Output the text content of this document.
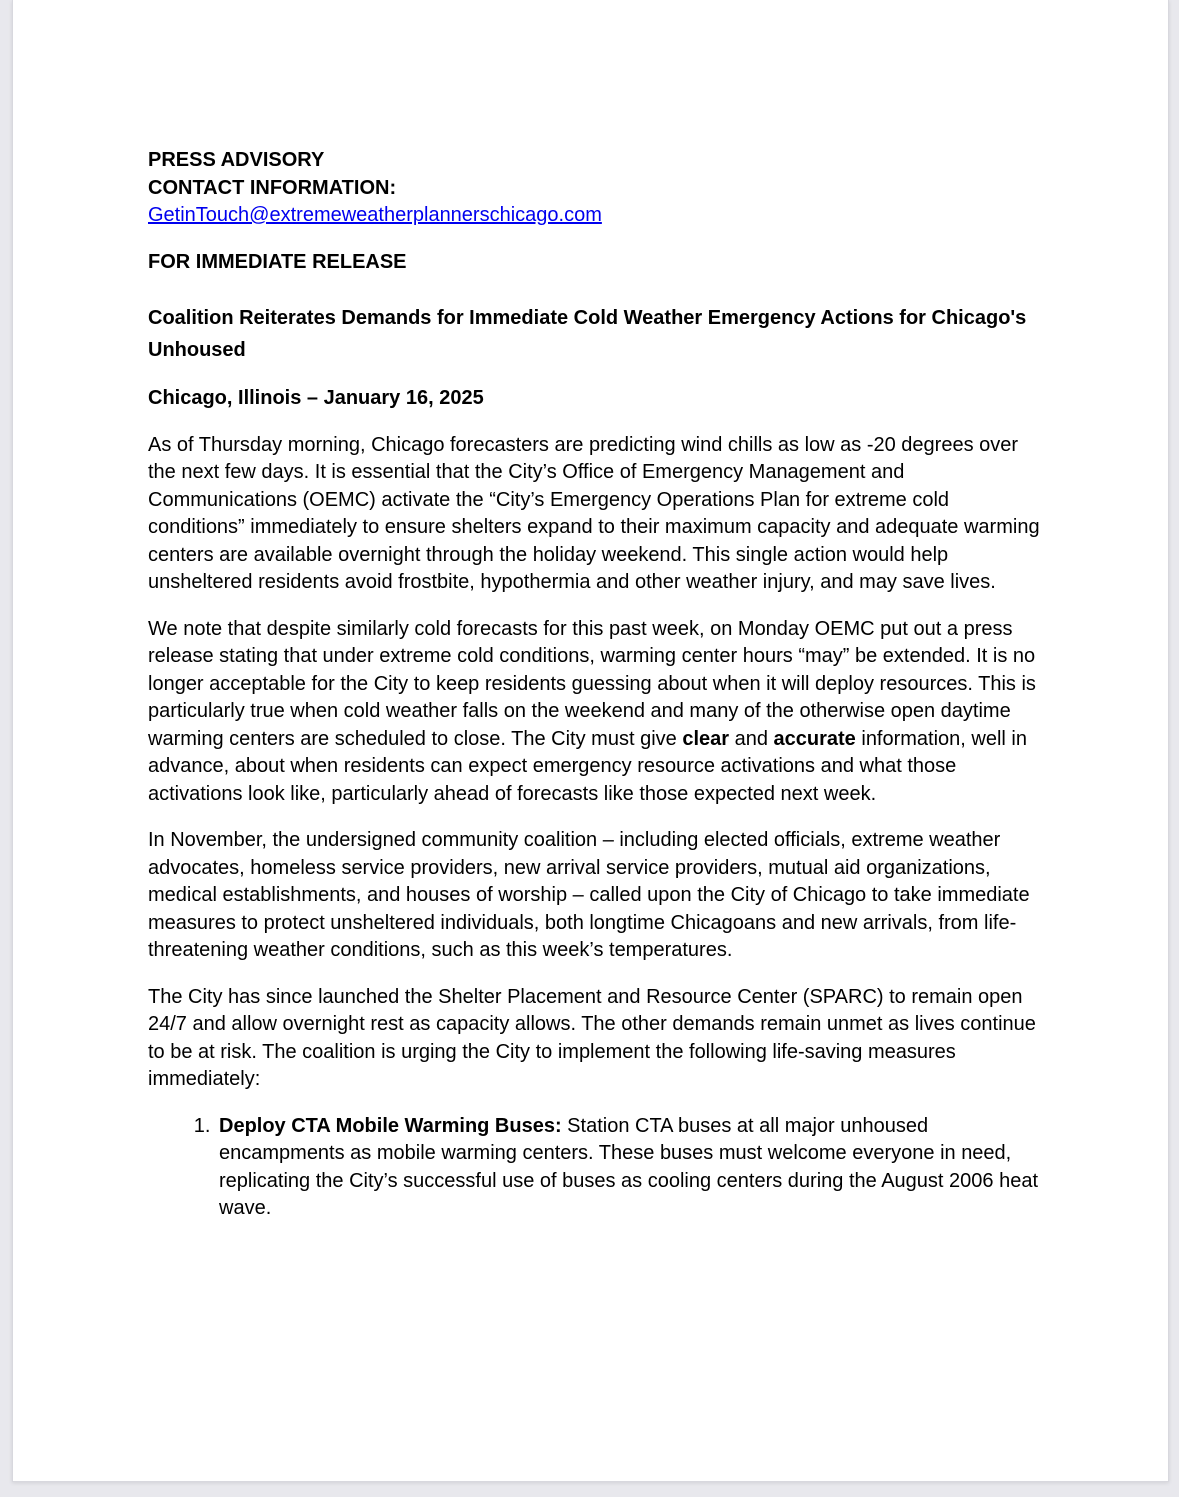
PRESS ADVISORY
CONTACT INFORMATION:
GetinTouch@extremeweatherplannerschicago.com

FOR IMMEDIATE RELEASE

Coalition Reiterates Demands for Immediate Cold Weather Emergency Actions for Chicago's Unhoused

Chicago, Illinois – January 16, 2025

As of Thursday morning, Chicago forecasters are predicting wind chills as low as -20 degrees over the next few days. It is essential that the City’s Office of Emergency Management and Communications (OEMC) activate the “City’s Emergency Operations Plan for extreme cold conditions” immediately to ensure shelters expand to their maximum capacity and adequate warming centers are available overnight through the holiday weekend. This single action would help unsheltered residents avoid frostbite, hypothermia and other weather injury, and may save lives.

We note that despite similarly cold forecasts for this past week, on Monday OEMC put out a press release stating that under extreme cold conditions, warming center hours “may” be extended. It is no longer acceptable for the City to keep residents guessing about when it will deploy resources. This is particularly true when cold weather falls on the weekend and many of the otherwise open daytime warming centers are scheduled to close. The City must give clear and accurate information, well in advance, about when residents can expect emergency resource activations and what those activations look like, particularly ahead of forecasts like those expected next week.

In November, the undersigned community coalition – including elected officials, extreme weather advocates, homeless service providers, new arrival service providers, mutual aid organizations, medical establishments, and houses of worship – called upon the City of Chicago to take immediate measures to protect unsheltered individuals, both longtime Chicagoans and new arrivals, from life-threatening weather conditions, such as this week’s temperatures.

The City has since launched the Shelter Placement and Resource Center (SPARC) to remain open 24/7 and allow overnight rest as capacity allows. The other demands remain unmet as lives continue to be at risk. The coalition is urging the City to implement the following life-saving measures immediately:

1. Deploy CTA Mobile Warming Buses: Station CTA buses at all major unhoused encampments as mobile warming centers. These buses must welcome everyone in need, replicating the City’s successful use of buses as cooling centers during the August 2006 heat wave.
